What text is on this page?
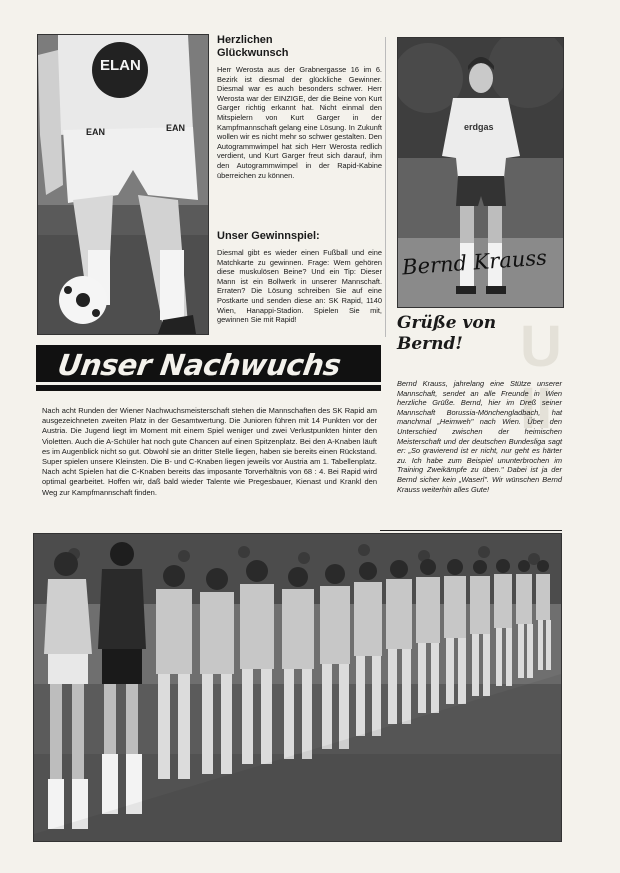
U
II
ELAN
EAN	EAN
Herzlichen
Glückwunsch

Herr Werosta aus der Grabnergasse 16 im 6. Bezirk ist diesmal der glückliche Gewinner. Diesmal war es auch besonders schwer. Herr Werosta war der EINZIGE, der die Beine von Kurt Garger richtig erkannt hat. Nicht einmal den Mitspielern von Kurt Garger in der Kampfmannschaft gelang eine Lösung. In Zukunft wollen wir es nicht mehr so schwer gestalten. Den Autogrammwimpel hat sich Herr Werosta redlich verdient, und Kurt Garger freut sich darauf, ihm den Autogrammwimpel in der Rapid-Kabine überreichen zu können.

Unser Gewinnspiel:

Diesmal gibt es wieder einen Fußball und eine Matchkarte zu gewinnen. Frage: Wem gehören diese muskulösen Beine? Und ein Tip: Dieser Mann ist ein Bollwerk in unserer Mannschaft. Erraten? Die Lösung schreiben Sie auf eine Postkarte und senden diese an: SK Rapid, 1140 Wien, Hanappi-Stadion. Spielen Sie mit, gewinnen Sie mit Rapid!

erdgas
Bernd Krauss
Grüße von
Bernd!

Bernd Krauss, jahrelang eine Stütze unserer Mannschaft, sendet an alle Freunde in Wien herzliche Grüße. Bernd, hier im Dreß seiner Mannschaft Borussia-Mönchengladbach, hat manchmal „Heimweh" nach Wien. Über den Unterschied zwischen der heimischen Meisterschaft und der deutschen Bundesliga sagt er: „So gravierend ist er nicht, nur geht es härter zu. Ich habe zum Beispiel ununterbrochen im Training Zweikämpfe zu üben." Dabei ist ja der Bernd sicher kein „Waserl". Wir wünschen Bernd Krauss weiterhin alles Gute!

Unser Nachwuchs

Nach acht Runden der Wiener Nachwuchsmeisterschaft stehen die Mannschaften des SK Rapid am ausgezeichneten zweiten Platz in der Gesamtwertung. Die Junioren führen mit 14 Punkten vor der Austria. Die Jugend liegt im Moment mit einem Spiel weniger und zwei Verlustpunkten hinter den Violetten. Auch die A-Schüler hat noch gute Chancen auf einen Spitzenplatz. Bei den A-Knaben läuft es im Augenblick nicht so gut. Obwohl sie an dritter Stelle liegen, haben sie bereits einen Rückstand. Super spielen unsere Kleinsten. Die B- und C-Knaben liegen jeweils vor Austria am 1. Tabellenplatz. Nach acht Spielen hat die C-Knaben bereits das imposante Torverhältnis von 68 : 4. Bei Rapid wird optimal gearbeitet. Hoffen wir, daß bald wieder Talente wie Pregesbauer, Kienast und Krankl den Weg zur Kampfmannschaft finden.
